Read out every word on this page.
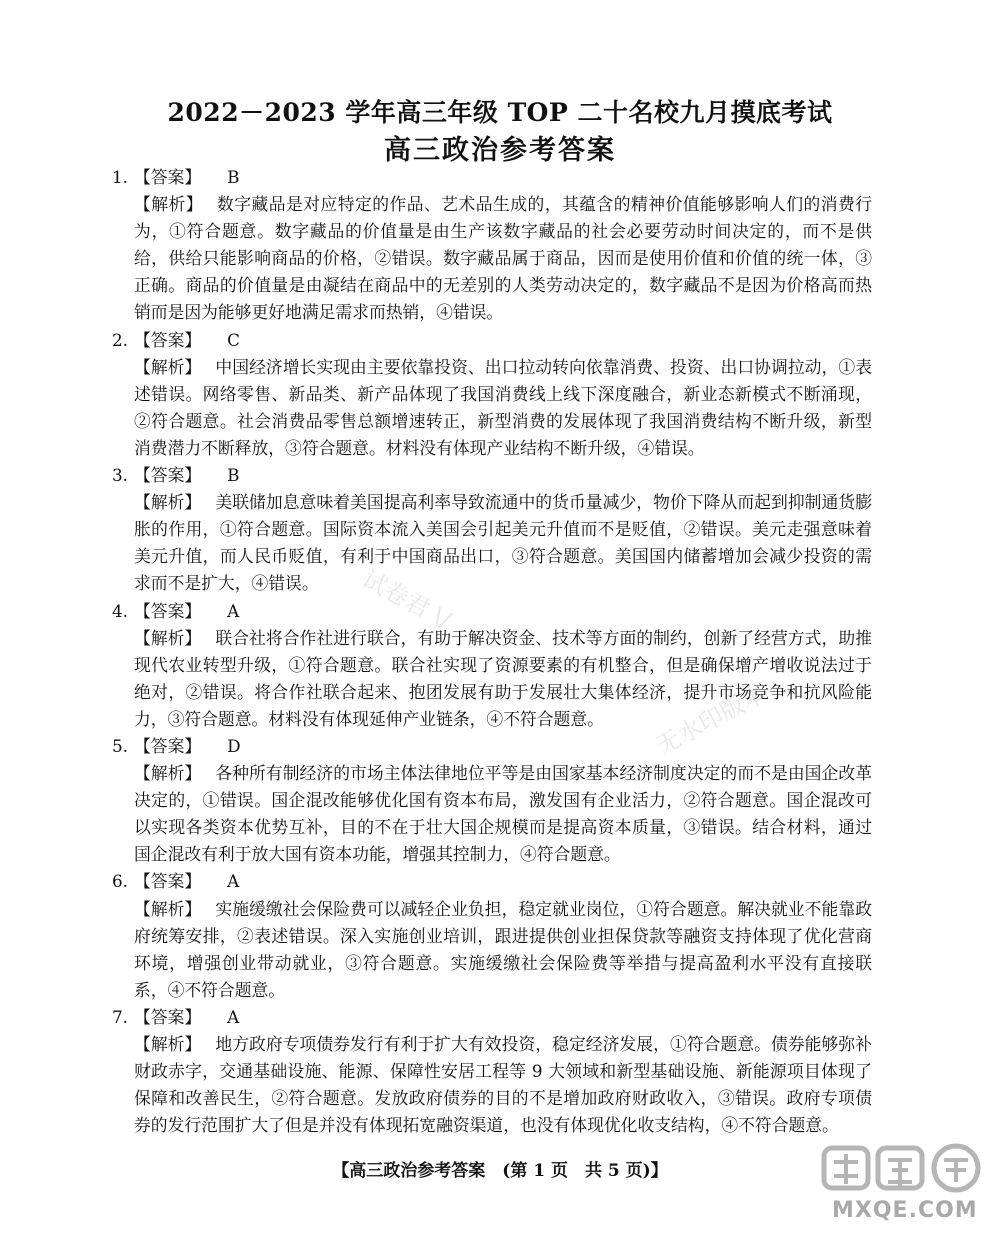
2022－2023 学年高三年级 TOP 二十名校九月摸底考试
高三政治参考答案
1. 【答案】 B
【解析】 数字藏品是对应特定的作品、艺术品生成的，其蕴含的精神价值能够影响人们的消费行为，①符合题意。数字藏品的价值量是由生产该数字藏品的社会必要劳动时间决定的，而不是供给，供给只能影响商品的价格，②错误。数字藏品属于商品，因而是使用价值和价值的统一体，③正确。商品的价值量是由凝结在商品中的无差别的人类劳动决定的，数字藏品不是因为价格高而热销而是因为能够更好地满足需求而热销，④错误。
2. 【答案】 C
【解析】 中国经济增长实现由主要依靠投资、出口拉动转向依靠消费、投资、出口协调拉动，①表述错误。网络零售、新品类、新产品体现了我国消费线上线下深度融合，新业态新模式不断涌现，②符合题意。社会消费品零售总额增速转正，新型消费的发展体现了我国消费结构不断升级，新型消费潜力不断释放，③符合题意。材料没有体现产业结构不断升级，④错误。
3. 【答案】 B
【解析】 美联储加息意味着美国提高利率导致流通中的货币量减少，物价下降从而起到抑制通货膨胀的作用，①符合题意。国际资本流入美国会引起美元升值而不是贬值，②错误。美元走强意味着美元升值，而人民币贬值，有利于中国商品出口，③符合题意。美国国内储蓄增加会减少投资的需求而不是扩大，④错误。
4. 【答案】 A
【解析】 联合社将合作社进行联合，有助于解决资金、技术等方面的制约，创新了经营方式，助推现代农业转型升级，①符合题意。联合社实现了资源要素的有机整合，但是确保增产增收说法过于绝对，②错误。将合作社联合起来、抱团发展有助于发展壮大集体经济，提升市场竞争和抗风险能力，③符合题意。材料没有体现延伸产业链条，④不符合题意。
5. 【答案】 D
【解析】 各种所有制经济的市场主体法律地位平等是由国家基本经济制度决定的而不是由国企改革决定的，①错误。国企混改能够优化国有资本布局，激发国有企业活力，②符合题意。国企混改可以实现各类资本优势互补，目的不在于壮大国企规模而是提高资本质量，③错误。结合材料，通过国企混改有利于放大国有资本功能，增强其控制力，④符合题意。
6. 【答案】 A
【解析】 实施缓缴社会保险费可以减轻企业负担，稳定就业岗位，①符合题意。解决就业不能靠政府统筹安排，②表述错误。深入实施创业培训，跟进提供创业担保贷款等融资支持体现了优化营商环境，增强创业带动就业，③符合题意。实施缓缴社会保险费等举措与提高盈利水平没有直接联系，④不符合题意。
7. 【答案】 A
【解析】 地方政府专项债券发行有利于扩大有效投资，稳定经济发展，①符合题意。债券能够弥补财政赤字，交通基础设施、能源、保障性安居工程等 9 大领域和新型基础设施、新能源项目体现了保障和改善民生，②符合题意。发放政府债券的目的不是增加政府财政收入，③错误。政府专项债券的发行范围扩大了但是并没有体现拓宽融资渠道，也没有体现优化收支结构，④不符合题意。
试卷君 \/
无水印版本
【高三政治参考答案　(第 1 页　共 5 页)】
MXQE.COM
